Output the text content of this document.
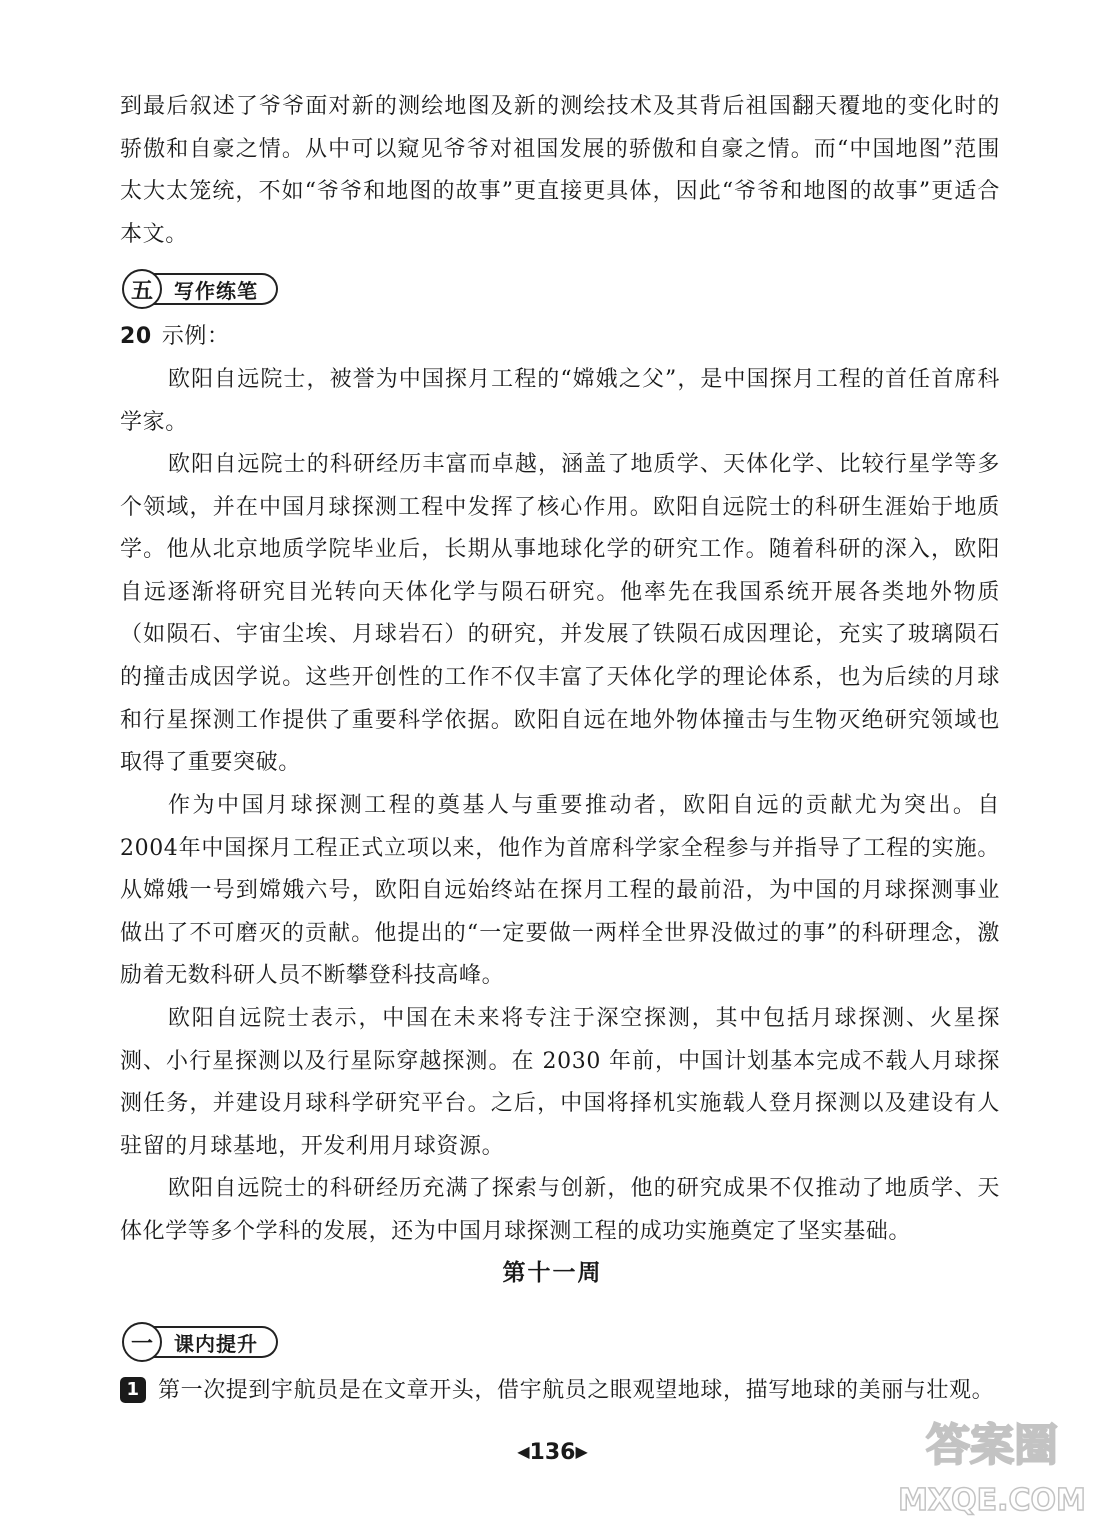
到最后叙述了爷爷面对新的测绘地图及新的测绘技术及其背后祖国翻天覆地的变化时的骄傲和自豪之情。从中可以窥见爷爷对祖国发展的骄傲和自豪之情。而“中国地图”范围太大太笼统，不如“爷爷和地图的故事”更直接更具体，因此“爷爷和地图的故事”更适合本文。

五	写作练笔
20 示例：

欧阳自远院士，被誉为中国探月工程的“嫦娥之父”，是中国探月工程的首任首席科学家。

欧阳自远院士的科研经历丰富而卓越，涵盖了地质学、天体化学、比较行星学等多个领域，并在中国月球探测工程中发挥了核心作用。欧阳自远院士的科研生涯始于地质学。他从北京地质学院毕业后，长期从事地球化学的研究工作。随着科研的深入，欧阳自远逐渐将研究目光转向天体化学与陨石研究。他率先在我国系统开展各类地外物质（如陨石、宇宙尘埃、月球岩石）的研究，并发展了铁陨石成因理论，充实了玻璃陨石的撞击成因学说。这些开创性的工作不仅丰富了天体化学的理论体系，也为后续的月球和行星探测工作提供了重要科学依据。欧阳自远在地外物体撞击与生物灭绝研究领域也取得了重要突破。

作为中国月球探测工程的奠基人与重要推动者，欧阳自远的贡献尤为突出。自 2004年中国探月工程正式立项以来，他作为首席科学家全程参与并指导了工程的实施。从嫦娥一号到嫦娥六号，欧阳自远始终站在探月工程的最前沿，为中国的月球探测事业做出了不可磨灭的贡献。他提出的“一定要做一两样全世界没做过的事”的科研理念，激励着无数科研人员不断攀登科技高峰。

欧阳自远院士表示，中国在未来将专注于深空探测，其中包括月球探测、火星探测、小行星探测以及行星际穿越探测。在 2030 年前，中国计划基本完成不载人月球探测任务，并建设月球科学研究平台。之后，中国将择机实施载人登月探测以及建设有人驻留的月球基地，开发利用月球资源。

欧阳自远院士的科研经历充满了探索与创新，他的研究成果不仅推动了地质学、天体化学等多个学科的发展，还为中国月球探测工程的成功实施奠定了坚实基础。

第十一周
一	课内提升
1 第一次提到宇航员是在文章开头，借宇航员之眼观望地球，描写地球的美丽与壮观。
◀136▶	答案圈
MXQE.COM
